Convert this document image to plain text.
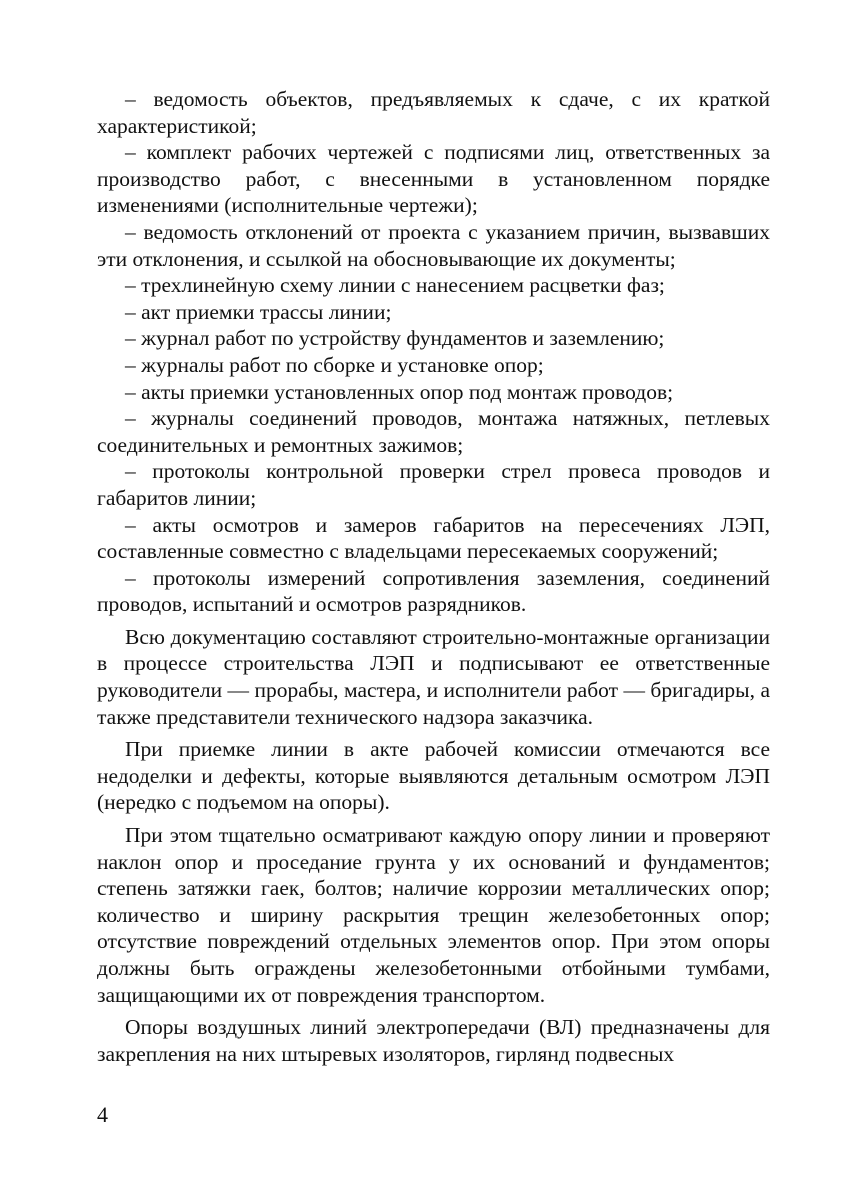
– ведомость объектов, предъявляемых к сдаче, с их краткой характеристикой;

– комплект рабочих чертежей с подписями лиц, ответственных за производство работ, с внесенными в установленном порядке изменениями (исполнительные чертежи);

– ведомость отклонений от проекта с указанием причин, вызвавших эти отклонения, и ссылкой на обосновывающие их документы;

– трехлинейную схему линии с нанесением расцветки фаз;

– акт приемки трассы линии;

– журнал работ по устройству фундаментов и заземлению;

– журналы работ по сборке и установке опор;

– акты приемки установленных опор под монтаж проводов;

– журналы соединений проводов, монтажа натяжных, петлевых соединительных и ремонтных зажимов;

– протоколы контрольной проверки стрел провеса проводов и габаритов линии;

– акты осмотров и замеров габаритов на пересечениях ЛЭП, составленные совместно с владельцами пересекаемых сооружений;

– протоколы измерений сопротивления заземления, соединений проводов, испытаний и осмотров разрядников.

Всю документацию составляют строительно-монтажные организации в процессе строительства ЛЭП и подписывают ее ответственные руководители — прорабы, мастера, и исполнители работ — бригадиры, а также представители технического надзора заказчика.

При приемке линии в акте рабочей комиссии отмечаются все недоделки и дефекты, которые выявляются детальным осмотром ЛЭП (нередко с подъемом на опоры).

При этом тщательно осматривают каждую опору линии и проверяют наклон опор и проседание грунта у их оснований и фундаментов; степень затяжки гаек, болтов; наличие коррозии металлических опор; количество и ширину раскрытия трещин железобетонных опор; отсутствие повреждений отдельных элементов опор. При этом опоры должны быть ограждены железобетонными отбойными тумбами, защищающими их от повреждения транспортом.

Опоры воздушных линий электропередачи (ВЛ) предназначены для закрепления на них штыревых изоляторов, гирлянд подвесных

4
